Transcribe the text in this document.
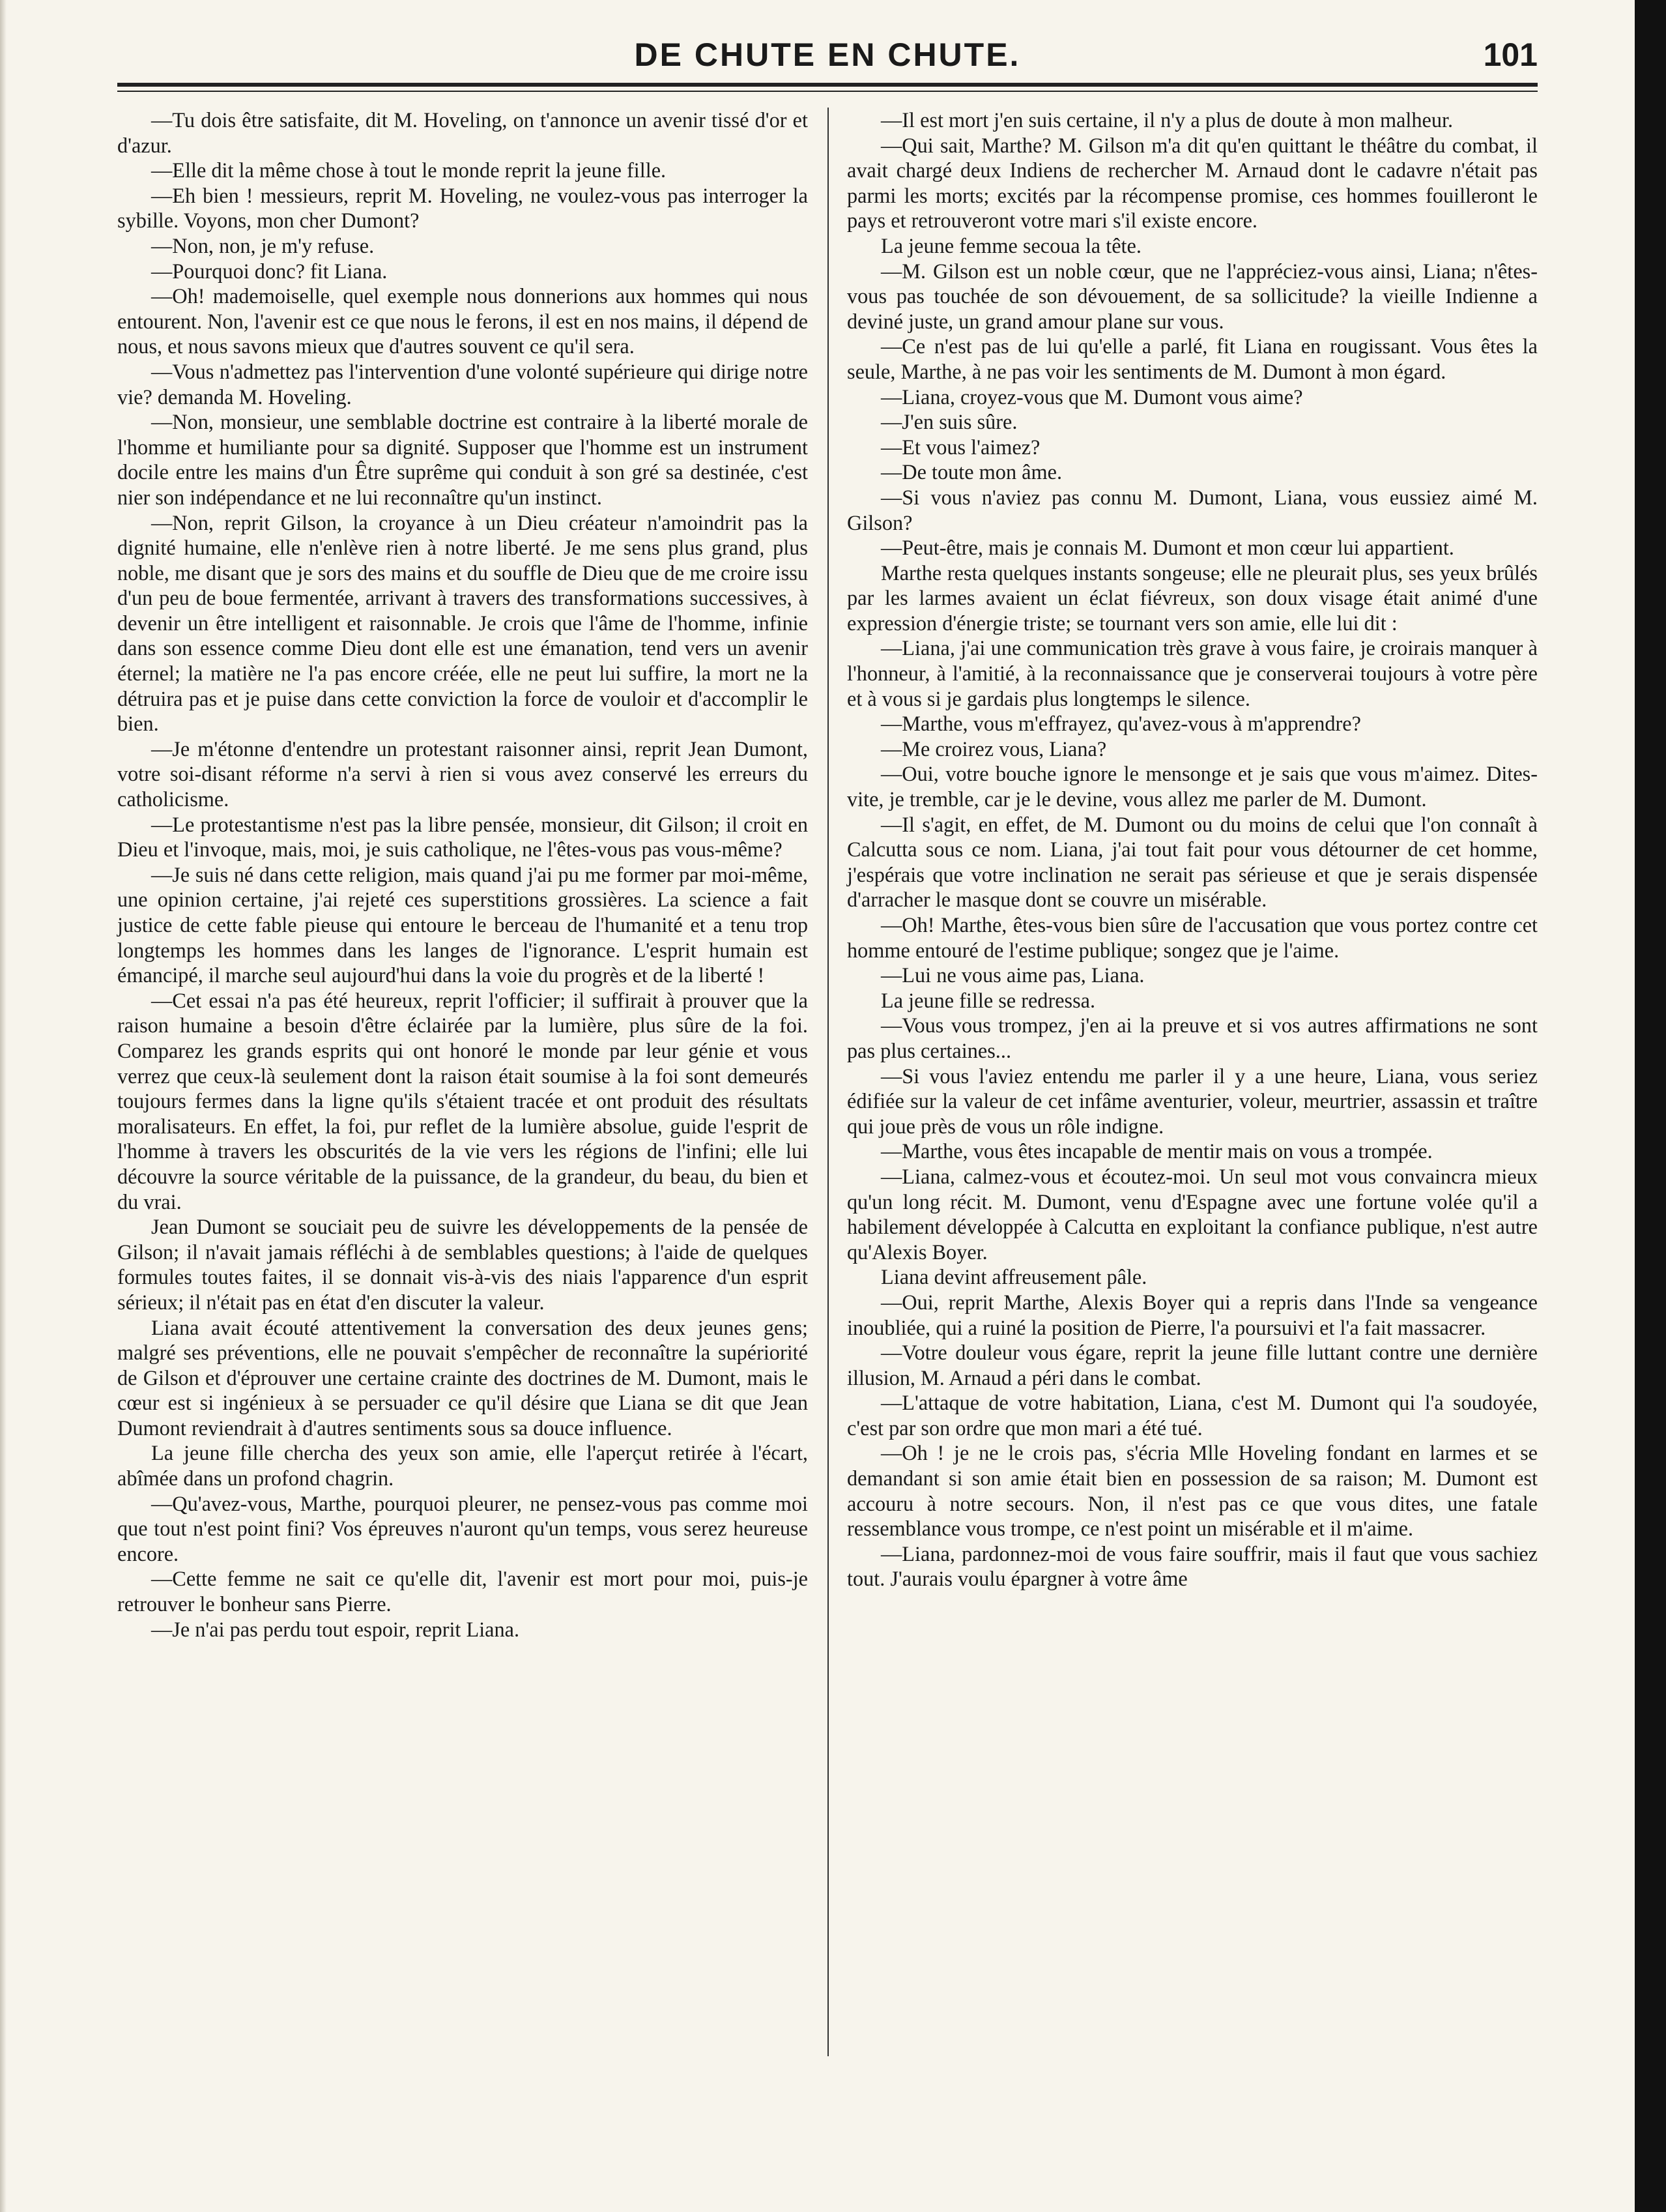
DE CHUTE EN CHUTE.	101

—Tu dois être satisfaite, dit M. Hoveling, on t'annonce un avenir tissé d'or et d'azur.

—Elle dit la même chose à tout le monde reprit la jeune fille.

—Eh bien ! messieurs, reprit M. Hoveling, ne voulez-vous pas interroger la sybille. Voyons, mon cher Dumont?

—Non, non, je m'y refuse.

—Pourquoi donc? fit Liana.

—Oh! mademoiselle, quel exemple nous donnerions aux hommes qui nous entourent. Non, l'avenir est ce que nous le ferons, il est en nos mains, il dépend de nous, et nous savons mieux que d'autres souvent ce qu'il sera.

—Vous n'admettez pas l'intervention d'une volonté supérieure qui dirige notre vie? demanda M. Hoveling.

—Non, monsieur, une semblable doctrine est contraire à la liberté morale de l'homme et humiliante pour sa dignité. Supposer que l'homme est un instrument docile entre les mains d'un Être suprême qui conduit à son gré sa destinée, c'est nier son indépendance et ne lui reconnaître qu'un instinct.

—Non, reprit Gilson, la croyance à un Dieu créateur n'amoindrit pas la dignité humaine, elle n'enlève rien à notre liberté. Je me sens plus grand, plus noble, me disant que je sors des mains et du souffle de Dieu que de me croire issu d'un peu de boue fermentée, arrivant à travers des transformations successives, à devenir un être intelligent et raisonnable. Je crois que l'âme de l'homme, infinie dans son essence comme Dieu dont elle est une émanation, tend vers un avenir éternel; la matière ne l'a pas encore créée, elle ne peut lui suffire, la mort ne la détruira pas et je puise dans cette conviction la force de vouloir et d'accomplir le bien.

—Je m'étonne d'entendre un protestant raisonner ainsi, reprit Jean Dumont, votre soi-disant réforme n'a servi à rien si vous avez conservé les erreurs du catholicisme.

—Le protestantisme n'est pas la libre pensée, monsieur, dit Gilson; il croit en Dieu et l'invoque, mais, moi, je suis catholique, ne l'êtes-vous pas vous-même?

—Je suis né dans cette religion, mais quand j'ai pu me former par moi-même, une opinion certaine, j'ai rejeté ces superstitions grossières. La science a fait justice de cette fable pieuse qui entoure le berceau de l'humanité et a tenu trop longtemps les hommes dans les langes de l'ignorance. L'esprit humain est émancipé, il marche seul aujourd'hui dans la voie du progrès et de la liberté !

—Cet essai n'a pas été heureux, reprit l'officier; il suffirait à prouver que la raison humaine a besoin d'être éclairée par la lumière, plus sûre de la foi. Comparez les grands esprits qui ont honoré le monde par leur génie et vous verrez que ceux-là seulement dont la raison était soumise à la foi sont demeurés toujours fermes dans la ligne qu'ils s'étaient tracée et ont produit des résultats moralisateurs. En effet, la foi, pur reflet de la lumière absolue, guide l'esprit de l'homme à travers les obscurités de la vie vers les régions de l'infini; elle lui découvre la source véritable de la puissance, de la grandeur, du beau, du bien et du vrai.

Jean Dumont se souciait peu de suivre les développements de la pensée de Gilson; il n'avait jamais réfléchi à de semblables questions; à l'aide de quelques formules toutes faites, il se donnait vis-à-vis des niais l'apparence d'un esprit sérieux; il n'était pas en état d'en discuter la valeur.

Liana avait écouté attentivement la conversation des deux jeunes gens; malgré ses préventions, elle ne pouvait s'empêcher de reconnaître la supériorité de Gilson et d'éprouver une certaine crainte des doctrines de M. Dumont, mais le cœur est si ingénieux à se persuader ce qu'il désire que Liana se dit que Jean Dumont reviendrait à d'autres sentiments sous sa douce influence.

La jeune fille chercha des yeux son amie, elle l'aperçut retirée à l'écart, abîmée dans un profond chagrin.

—Qu'avez-vous, Marthe, pourquoi pleurer, ne pensez-vous pas comme moi que tout n'est point fini? Vos épreuves n'auront qu'un temps, vous serez heureuse encore.

—Cette femme ne sait ce qu'elle dit, l'avenir est mort pour moi, puis-je retrouver le bonheur sans Pierre.

—Je n'ai pas perdu tout espoir, reprit Liana.

—Il est mort j'en suis certaine, il n'y a plus de doute à mon malheur.

—Qui sait, Marthe? M. Gilson m'a dit qu'en quittant le théâtre du combat, il avait chargé deux Indiens de rechercher M. Arnaud dont le cadavre n'était pas parmi les morts; excités par la récompense promise, ces hommes fouilleront le pays et retrouveront votre mari s'il existe encore.

La jeune femme secoua la tête.

—M. Gilson est un noble cœur, que ne l'appréciez-vous ainsi, Liana; n'êtes-vous pas touchée de son dévouement, de sa sollicitude? la vieille Indienne a deviné juste, un grand amour plane sur vous.

—Ce n'est pas de lui qu'elle a parlé, fit Liana en rougissant. Vous êtes la seule, Marthe, à ne pas voir les sentiments de M. Dumont à mon égard.

—Liana, croyez-vous que M. Dumont vous aime?

—J'en suis sûre.

—Et vous l'aimez?

—De toute mon âme.

—Si vous n'aviez pas connu M. Dumont, Liana, vous eussiez aimé M. Gilson?

—Peut-être, mais je connais M. Dumont et mon cœur lui appartient.

Marthe resta quelques instants songeuse; elle ne pleurait plus, ses yeux brûlés par les larmes avaient un éclat fiévreux, son doux visage était animé d'une expression d'énergie triste; se tournant vers son amie, elle lui dit :

—Liana, j'ai une communication très grave à vous faire, je croirais manquer à l'honneur, à l'amitié, à la reconnaissance que je conserverai toujours à votre père et à vous si je gardais plus longtemps le silence.

—Marthe, vous m'effrayez, qu'avez-vous à m'apprendre?

—Me croirez vous, Liana?

—Oui, votre bouche ignore le mensonge et je sais que vous m'aimez. Dites-vite, je tremble, car je le devine, vous allez me parler de M. Dumont.

—Il s'agit, en effet, de M. Dumont ou du moins de celui que l'on connaît à Calcutta sous ce nom. Liana, j'ai tout fait pour vous détourner de cet homme, j'espérais que votre inclination ne serait pas sérieuse et que je serais dispensée d'arracher le masque dont se couvre un misérable.

—Oh! Marthe, êtes-vous bien sûre de l'accusation que vous portez contre cet homme entouré de l'estime publique; songez que je l'aime.

—Lui ne vous aime pas, Liana.

La jeune fille se redressa.

—Vous vous trompez, j'en ai la preuve et si vos autres affirmations ne sont pas plus certaines...

—Si vous l'aviez entendu me parler il y a une heure, Liana, vous seriez édifiée sur la valeur de cet infâme aventurier, voleur, meurtrier, assassin et traître qui joue près de vous un rôle indigne.

—Marthe, vous êtes incapable de mentir mais on vous a trompée.

—Liana, calmez-vous et écoutez-moi. Un seul mot vous convaincra mieux qu'un long récit. M. Dumont, venu d'Espagne avec une fortune volée qu'il a habilement développée à Calcutta en exploitant la confiance publique, n'est autre qu'Alexis Boyer.

Liana devint affreusement pâle.

—Oui, reprit Marthe, Alexis Boyer qui a repris dans l'Inde sa vengeance inoubliée, qui a ruiné la position de Pierre, l'a poursuivi et l'a fait massacrer.

—Votre douleur vous égare, reprit la jeune fille luttant contre une dernière illusion, M. Arnaud a péri dans le combat.

—L'attaque de votre habitation, Liana, c'est M. Dumont qui l'a soudoyée, c'est par son ordre que mon mari a été tué.

—Oh ! je ne le crois pas, s'écria Mlle Hoveling fondant en larmes et se demandant si son amie était bien en possession de sa raison; M. Dumont est accouru à notre secours. Non, il n'est pas ce que vous dites, une fatale ressemblance vous trompe, ce n'est point un misérable et il m'aime.

—Liana, pardonnez-moi de vous faire souffrir, mais il faut que vous sachiez tout. J'aurais voulu épargner à votre âme
